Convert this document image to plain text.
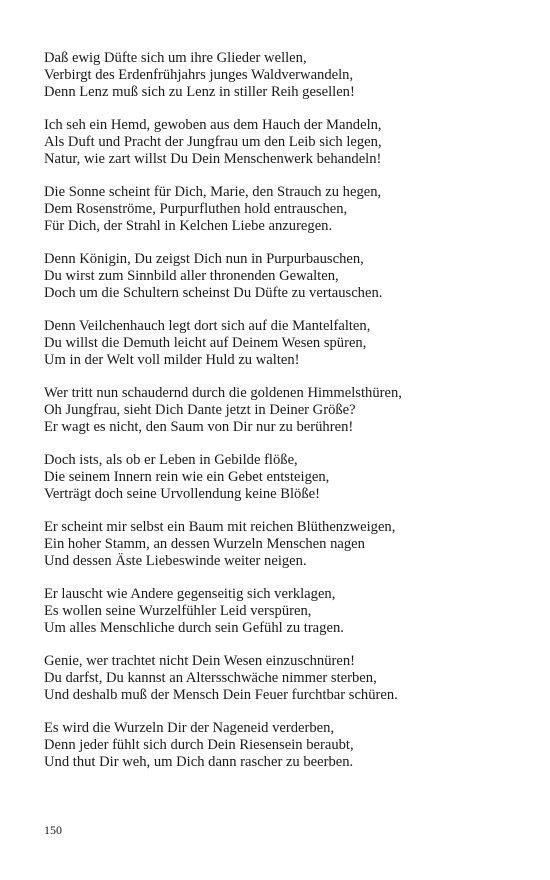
Daß ewig Düfte sich um ihre Glieder wellen,
Verbirgt des Erdenfrühjahrs junges Waldverwandeln,
Denn Lenz muß sich zu Lenz in stiller Reih gesellen!
Ich seh ein Hemd, gewoben aus dem Hauch der Mandeln,
Als Duft und Pracht der Jungfrau um den Leib sich legen,
Natur, wie zart willst Du Dein Menschenwerk behandeln!
Die Sonne scheint für Dich, Marie, den Strauch zu hegen,
Dem Rosenströme, Purpurfluthen hold entrauschen,
Für Dich, der Strahl in Kelchen Liebe anzuregen.
Denn Königin, Du zeigst Dich nun in Purpurbauschen,
Du wirst zum Sinnbild aller thronenden Gewalten,
Doch um die Schultern scheinst Du Düfte zu vertauschen.
Denn Veilchenhauch legt dort sich auf die Mantelfalten,
Du willst die Demuth leicht auf Deinem Wesen spüren,
Um in der Welt voll milder Huld zu walten!
Wer tritt nun schaudernd durch die goldenen Himmelsthüren,
Oh Jungfrau, sieht Dich Dante jetzt in Deiner Größe?
Er wagt es nicht, den Saum von Dir nur zu berühren!
Doch ists, als ob er Leben in Gebilde flöße,
Die seinem Innern rein wie ein Gebet entsteigen,
Verträgt doch seine Urvollendung keine Blöße!
Er scheint mir selbst ein Baum mit reichen Blüthenzweigen,
Ein hoher Stamm, an dessen Wurzeln Menschen nagen
Und dessen Äste Liebeswinde weiter neigen.
Er lauscht wie Andere gegenseitig sich verklagen,
Es wollen seine Wurzelfühler Leid verspüren,
Um alles Menschliche durch sein Gefühl zu tragen.
Genie, wer trachtet nicht Dein Wesen einzuschnüren!
Du darfst, Du kannst an Altersschwäche nimmer sterben,
Und deshalb muß der Mensch Dein Feuer furchtbar schüren.
Es wird die Wurzeln Dir der Nageneid verderben,
Denn jeder fühlt sich durch Dein Riesensein beraubt,
Und thut Dir weh, um Dich dann rascher zu beerben.
150
